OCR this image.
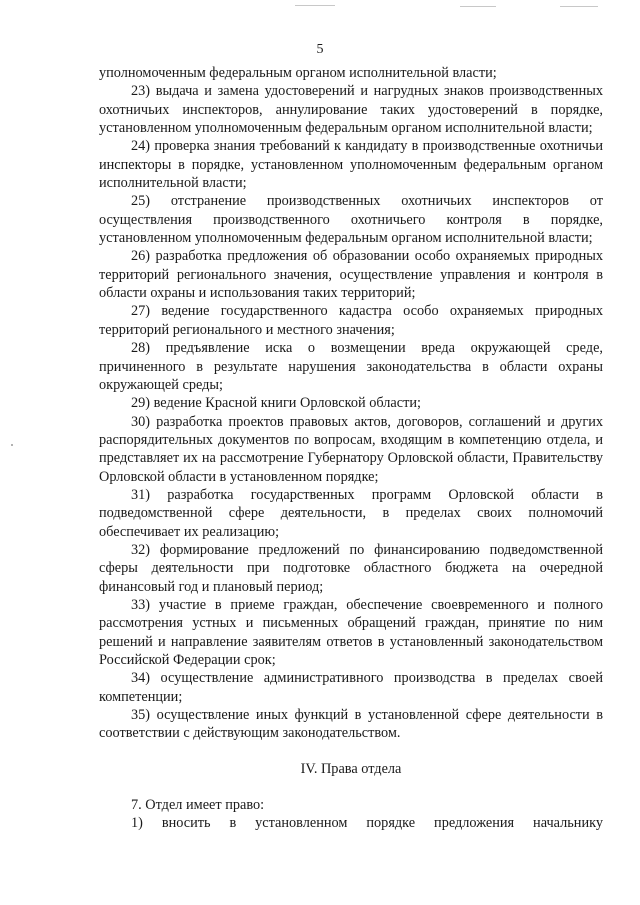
5

уполномоченным федеральным органом исполнительной власти;

23) выдача и замена удостоверений и нагрудных знаков производственных охотничьих инспекторов, аннулирование таких удостоверений в порядке, установленном уполномоченным федеральным органом исполнительной власти;

24) проверка знания требований к кандидату в производственные охотничьи инспекторы в порядке, установленном уполномоченным федеральным органом исполнительной власти;

25) отстранение производственных охотничьих инспекторов от осуществления производственного охотничьего контроля в порядке, установленном уполномоченным федеральным органом исполнительной власти;

26) разработка предложения об образовании особо охраняемых природных территорий регионального значения, осуществление управления и контроля в области охраны и использования таких территорий;

27) ведение государственного кадастра особо охраняемых природных территорий регионального и местного значения;

28) предъявление иска о возмещении вреда окружающей среде, причиненного в результате нарушения законодательства в области охраны окружающей среды;

29) ведение Красной книги Орловской области;

30) разработка проектов правовых актов, договоров, соглашений и других распорядительных документов по вопросам, входящим в компетенцию отдела, и представляет их на рассмотрение Губернатору Орловской области, Правительству Орловской области в установленном порядке;

31) разработка государственных программ Орловской области в подведомственной сфере деятельности, в пределах своих полномочий обеспечивает их реализацию;

32) формирование предложений по финансированию подведомственной сферы деятельности при подготовке областного бюджета на очередной финансовый год и плановый период;

33) участие в приеме граждан, обеспечение своевременного и полного рассмотрения устных и письменных обращений граждан, принятие по ним решений и направление заявителям ответов в установленный законодательством Российской Федерации срок;

34) осуществление административного производства в пределах своей компетенции;

35) осуществление иных функций в установленной сфере деятельности в соответствии с действующим законодательством.

IV. Права отдела

7. Отдел имеет право:

1) вносить в установленном порядке предложения начальнику
